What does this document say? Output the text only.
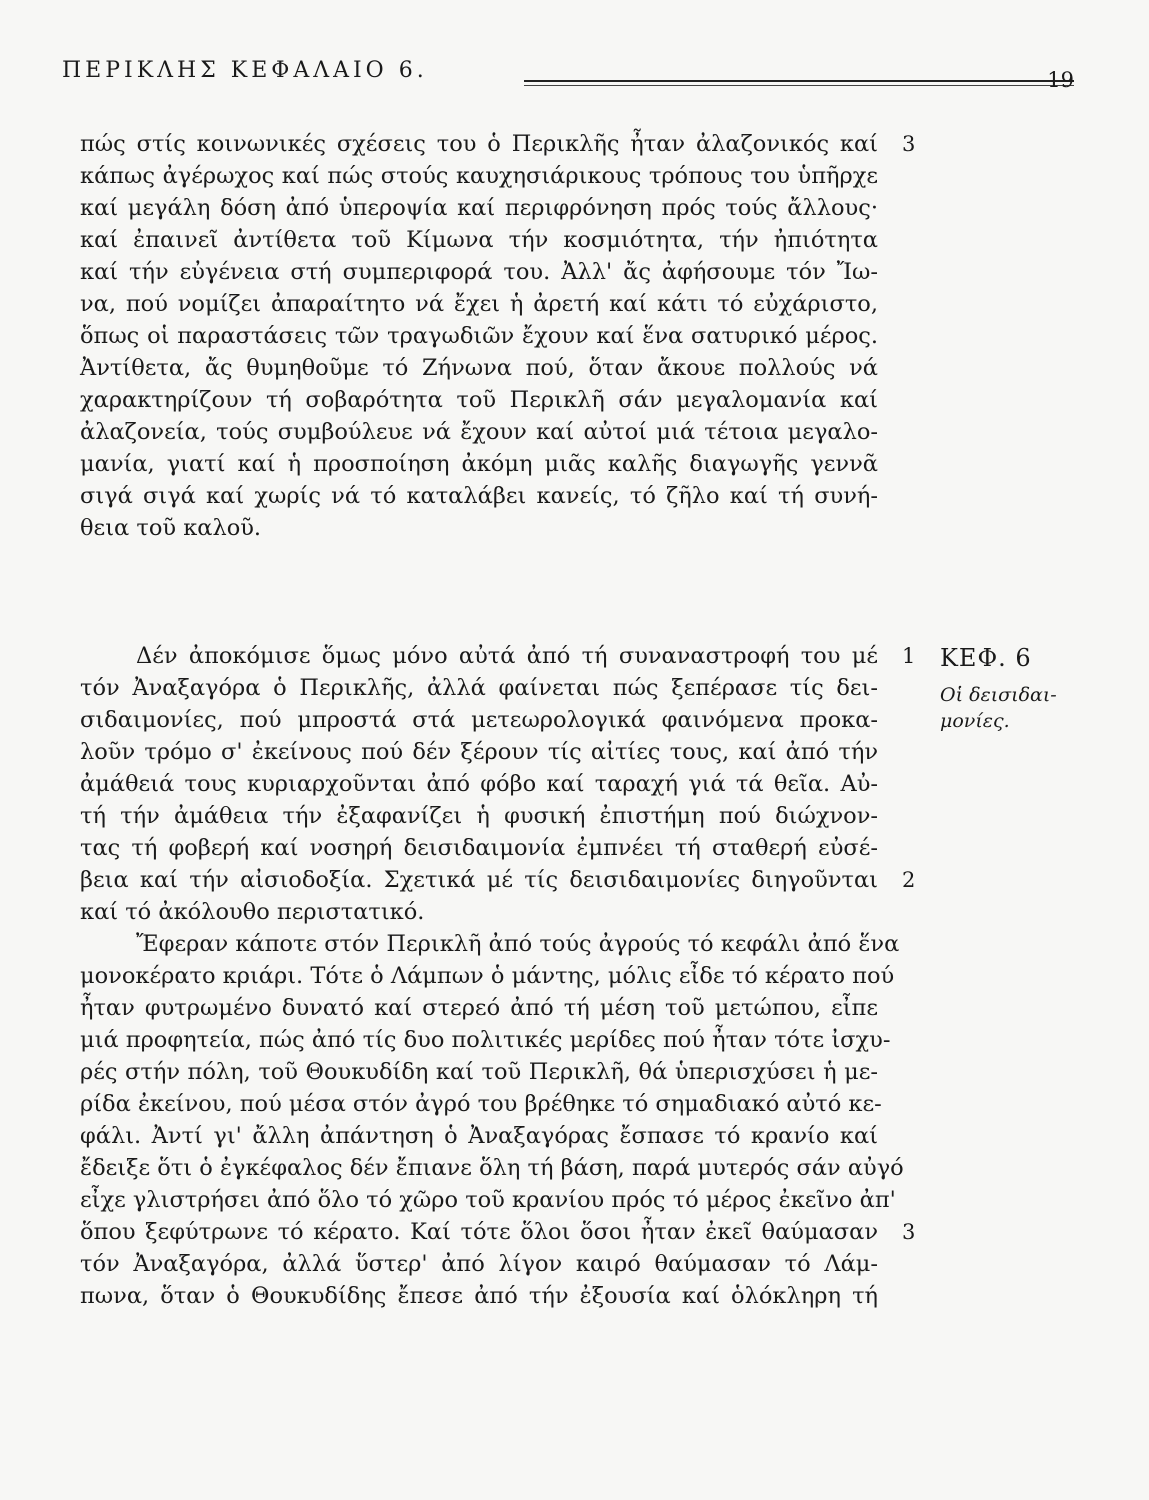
ΠΕΡΙΚΛΗΣ ΚΕΦΑΛΑΙΟ 6.	19
πώς στίς κοινωνικές σχέσεις του ὁ Περικλῆς ἦταν ἀλαζονικός καί
κάπως ἀγέρωχος καί πώς στούς καυχησιάρικους τρόπους του ὑπῆρχε
καί μεγάλη δόση ἀπό ὑπεροψία καί περιφρόνηση πρός τούς ἄλλους·
καί ἐπαινεῖ ἀντίθετα τοῦ Κίμωνα τήν κοσμιότητα, τήν ἠπιότητα
καί τήν εὐγένεια στή συμπεριφορά του. Ἀλλ' ἄς ἀφήσουμε τόν Ἴω-
να, πού νομίζει ἀπαραίτητο νά ἔχει ἡ ἀρετή καί κάτι τό εὐχάριστο,
ὅπως οἱ παραστάσεις τῶν τραγωδιῶν ἔχουν καί ἕνα σατυρικό μέρος.
Ἀντίθετα, ἄς θυμηθοῦμε τό Ζήνωνα πού, ὅταν ἄκουε πολλούς νά
χαρακτηρίζουν τή σοβαρότητα τοῦ Περικλῆ σάν μεγαλομανία καί
ἀλαζονεία, τούς συμβούλευε νά ἔχουν καί αὐτοί μιά τέτοια μεγαλο-
μανία, γιατί καί ἡ προσποίηση ἀκόμη μιᾶς καλῆς διαγωγῆς γεννᾶ
σιγά σιγά καί χωρίς νά τό καταλάβει κανείς, τό ζῆλο καί τή συνή-
θεια τοῦ καλοῦ.
Δέν ἀποκόμισε ὅμως μόνο αὐτά ἀπό τή συναναστροφή του μέ
τόν Ἀναξαγόρα ὁ Περικλῆς, ἀλλά φαίνεται πώς ξεπέρασε τίς δει-
σιδαιμονίες, πού μπροστά στά μετεωρολογικά φαινόμενα προκα-
λοῦν τρόμο σ' ἐκείνους πού δέν ξέρουν τίς αἰτίες τους, καί ἀπό τήν
ἀμάθειά τους κυριαρχοῦνται ἀπό φόβο καί ταραχή γιά τά θεῖα. Αὐ-
τή τήν ἀμάθεια τήν ἐξαφανίζει ἡ φυσική ἐπιστήμη πού διώχνον-
τας τή φοβερή καί νοσηρή δεισιδαιμονία ἐμπνέει τή σταθερή εὐσέ-
βεια καί τήν αἰσιοδοξία. Σχετικά μέ τίς δεισιδαιμονίες διηγοῦνται
καί τό ἀκόλουθο περιστατικό.
Ἔφεραν κάποτε στόν Περικλῆ ἀπό τούς ἀγρούς τό κεφάλι ἀπό ἕνα
μονοκέρατο κριάρι. Τότε ὁ Λάμπων ὁ μάντης, μόλις εἶδε τό κέρατο πού
ἦταν φυτρωμένο δυνατό καί στερεό ἀπό τή μέση τοῦ μετώπου, εἶπε
μιά προφητεία, πώς ἀπό τίς δυο πολιτικές μερίδες πού ἦταν τότε ἰσχυ-
ρές στήν πόλη, τοῦ Θουκυδίδη καί τοῦ Περικλῆ, θά ὑπερισχύσει ἡ με-
ρίδα ἐκείνου, πού μέσα στόν ἀγρό του βρέθηκε τό σημαδιακό αὐτό κε-
φάλι. Ἀντί γι' ἄλλη ἀπάντηση ὁ Ἀναξαγόρας ἔσπασε τό κρανίο καί
ἔδειξε ὅτι ὁ ἐγκέφαλος δέν ἔπιανε ὅλη τή βάση, παρά μυτερός σάν αὐγό
εἶχε γλιστρήσει ἀπό ὅλο τό χῶρο τοῦ κρανίου πρός τό μέρος ἐκεῖνο ἀπ'
ὅπου ξεφύτρωνε τό κέρατο. Καί τότε ὅλοι ὅσοι ἦταν ἐκεῖ θαύμασαν
τόν Ἀναξαγόρα, ἀλλά ὕστερ' ἀπό λίγον καιρό θαύμασαν τό Λάμ-
πωνα, ὅταν ὁ Θουκυδίδης ἔπεσε ἀπό τήν ἐξουσία καί ὁλόκληρη τή
3
1
2
3
ΚΕΦ. 6
Οἱ δεισιδαι-
μονίες.
